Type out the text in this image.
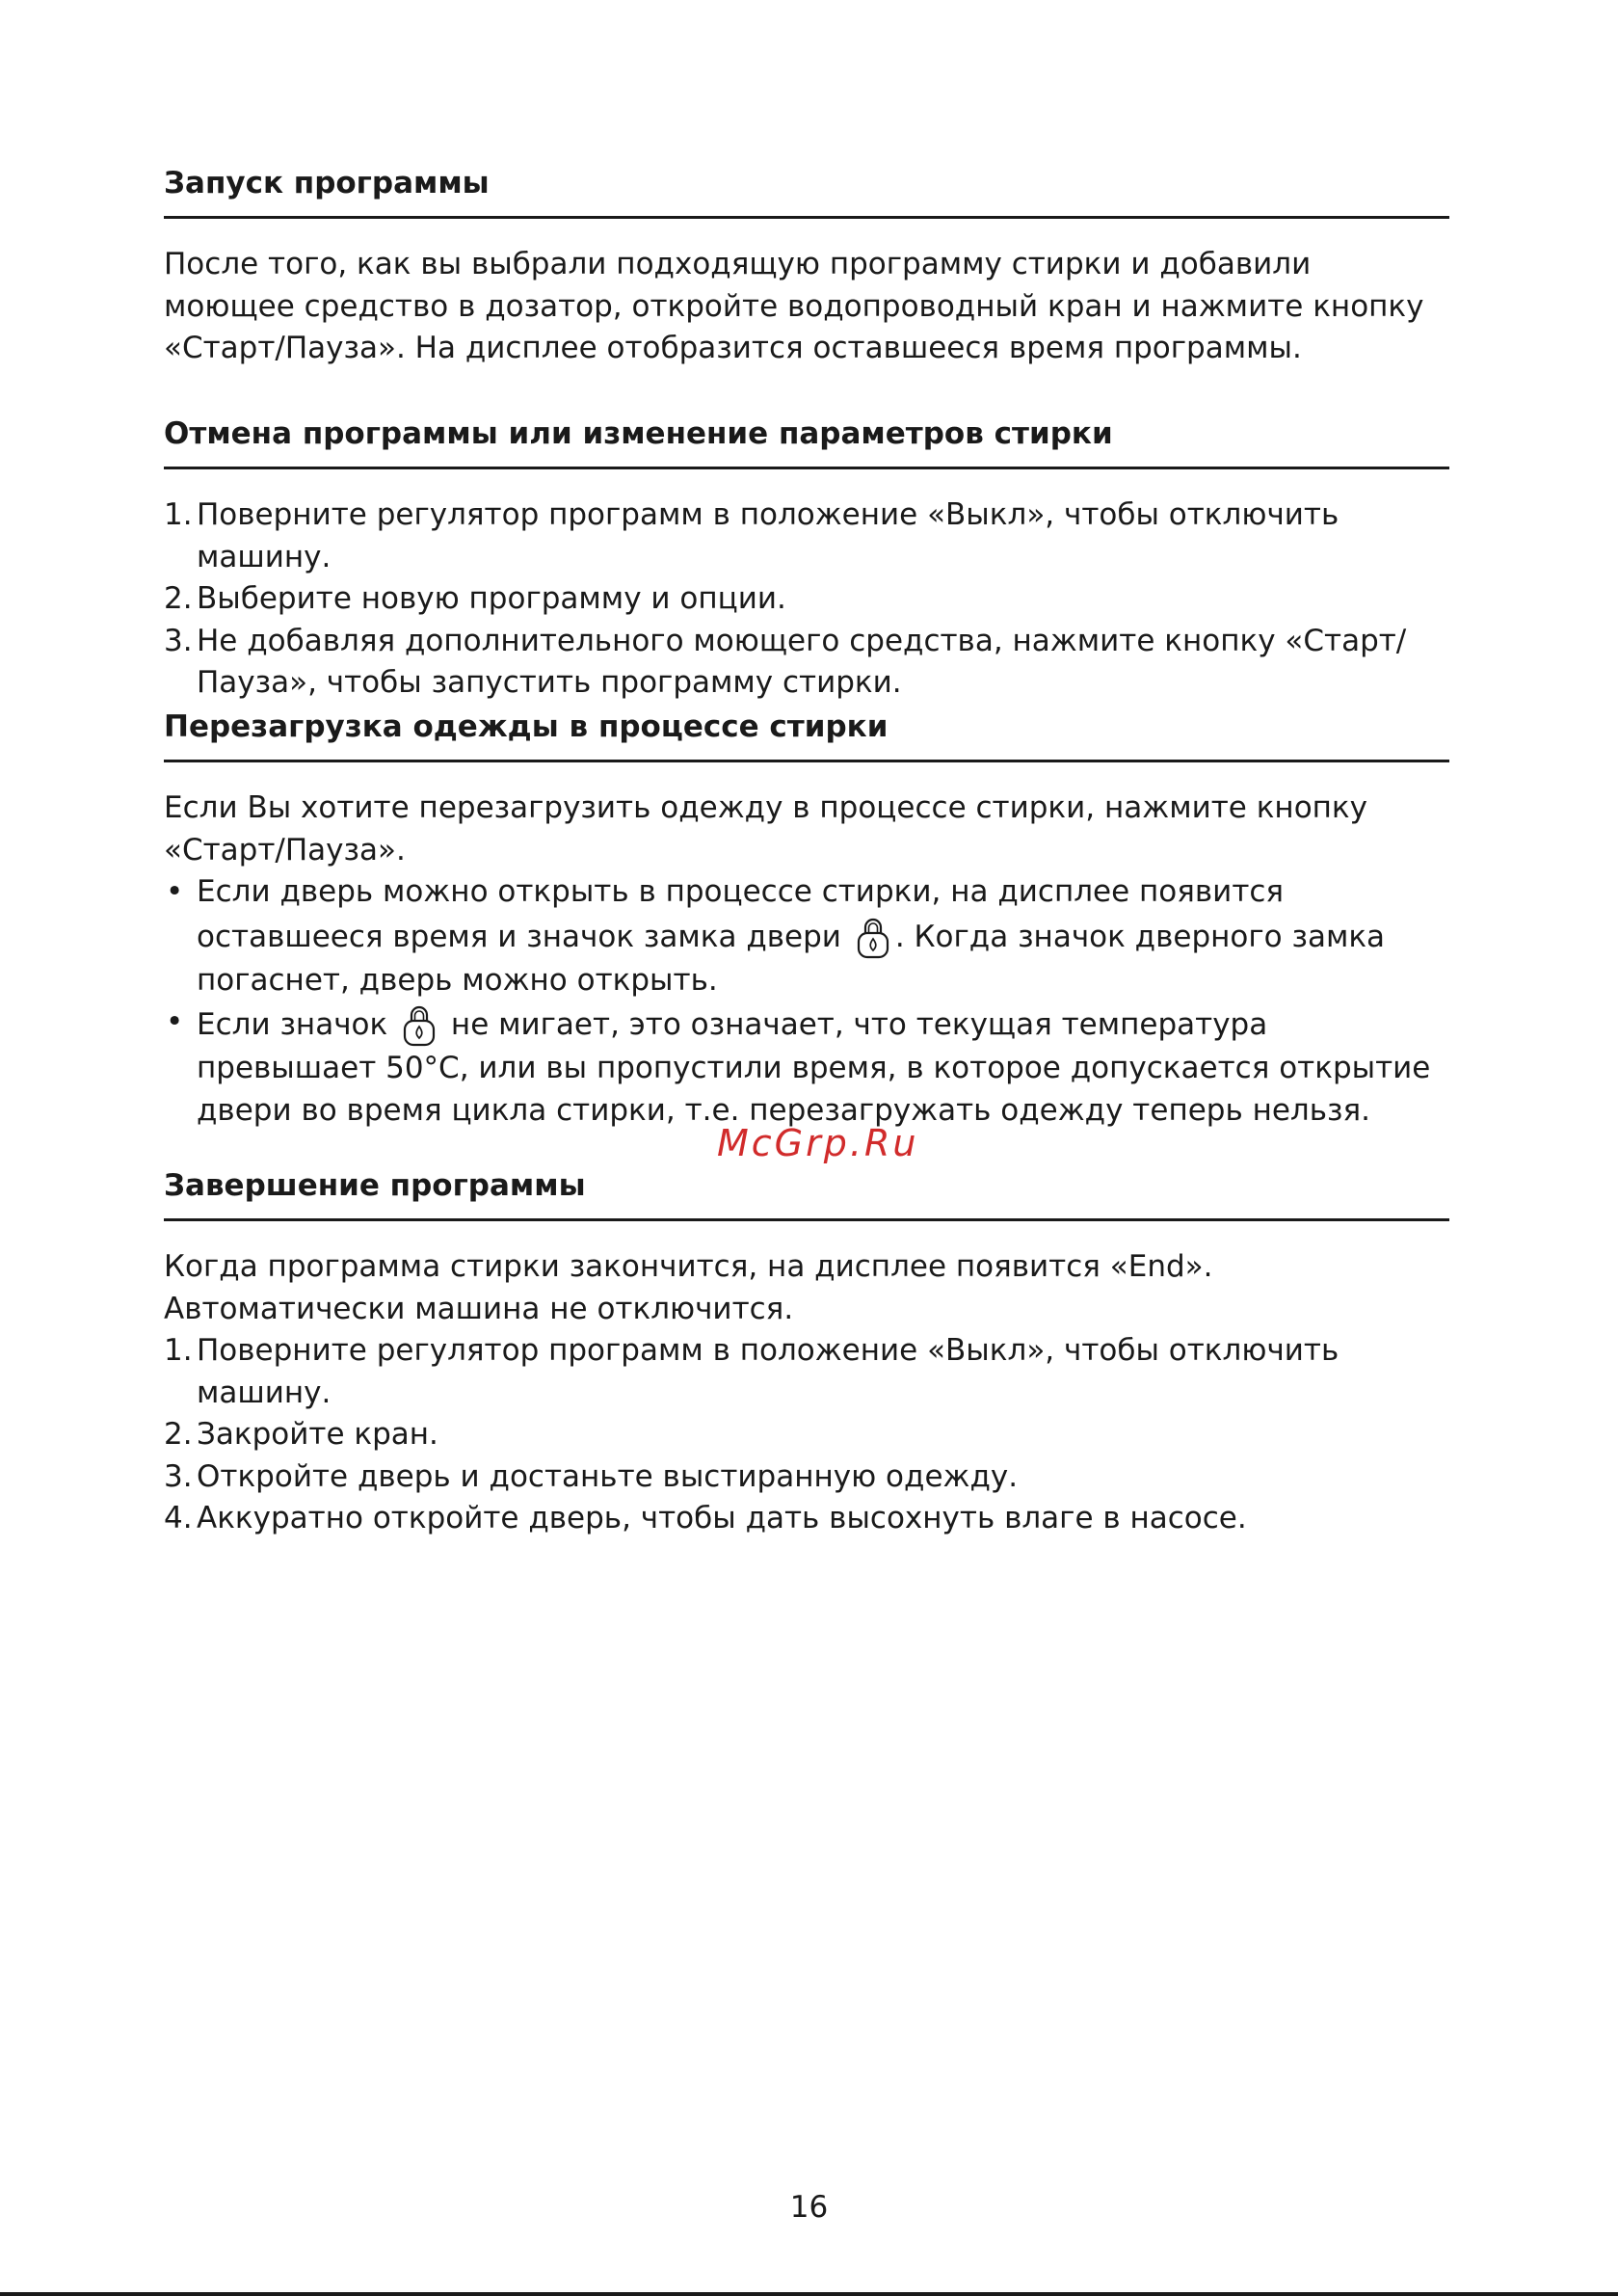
Запуск программы

После того, как вы выбрали подходящую программу стирки и добавили моющее средство в дозатор, откройте водопроводный кран и нажмите кнопку «Старт/Пауза». На дисплее отобразится оставшееся время программы.

Отмена программы или изменение параметров стирки
1. Поверните регулятор программ в положение «Выкл», чтобы отключить машину.
2. Выберите новую программу и опции.
3. Не добавляя дополнительного моющего средства, нажмите кнопку «Старт/ Пауза», чтобы запустить программу стирки.
Перезагрузка одежды в процессе стирки

Если Вы хотите перезагрузить одежду в процессе стирки, нажмите кнопку «Старт/Пауза».

• Если дверь можно открыть в процессе стирки, на дисплее появится оставшееся время и значок замка двери . Когда значок дверного замка погаснет, дверь можно открыть.
• Если значок не мигает, это означает, что текущая температура превышает 50°C, или вы пропустили время, в которое допускается открытие двери во время цикла стирки, т.е. перезагружать одежду теперь нельзя.
Завершение программы

Когда программа стирки закончится, на дисплее появится «End». Автоматически машина не отключится.

1. Поверните регулятор программ в положение «Выкл», чтобы отключить машину.
2. Закройте кран.
3. Откройте дверь и достаньте выстиранную одежду.
4. Аккуратно откройте дверь, чтобы дать высохнуть влаге в насосе.
McGrp.Ru
16
